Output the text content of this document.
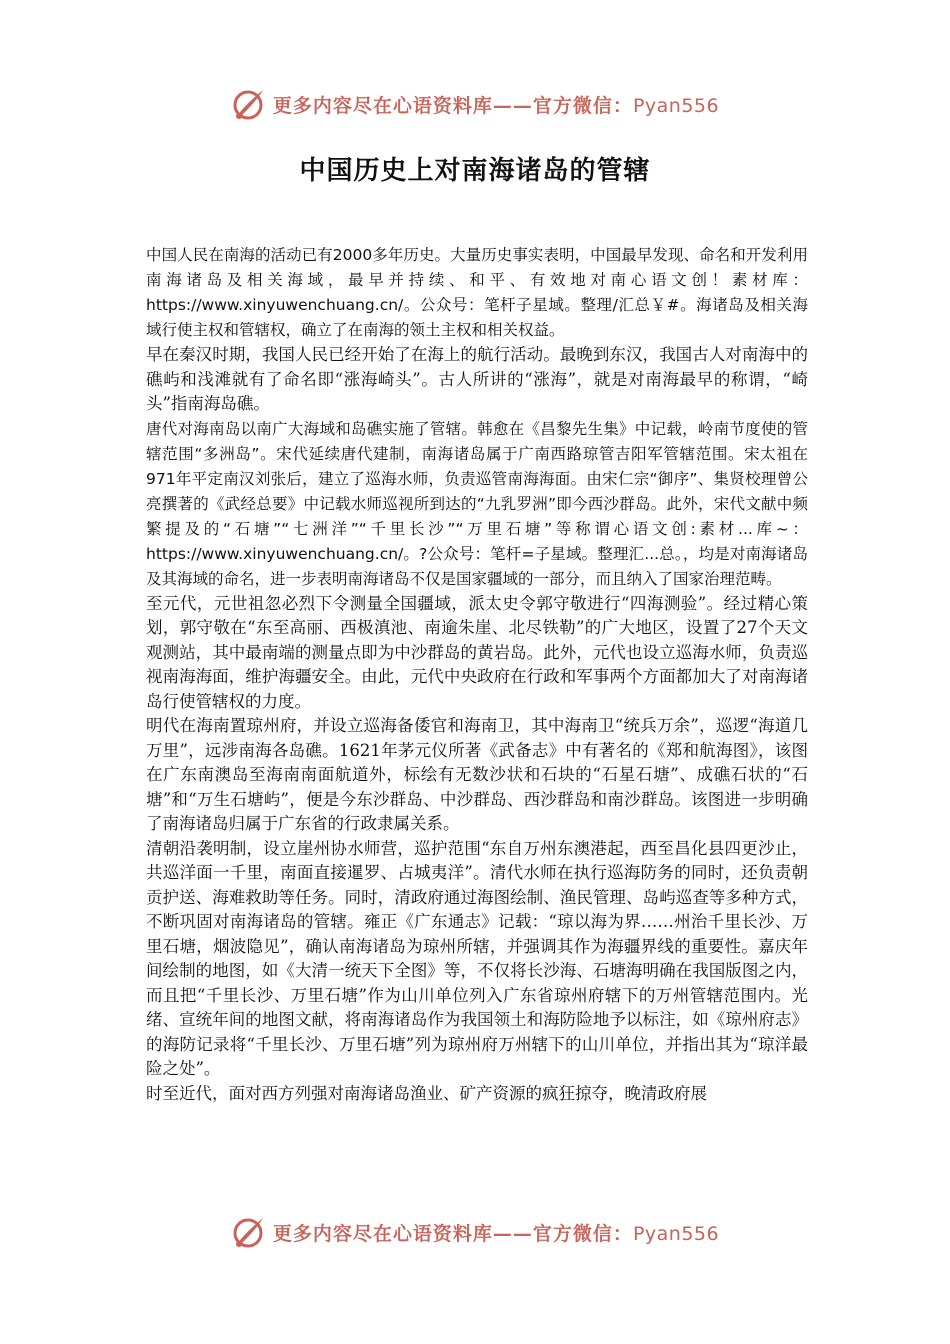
更多内容尽在心语资料库——官方微信：Pyan556
中国历史上对南海诸岛的管辖

中国人民在南海的活动已有2000多年历史。大量历史事实表明，中国最早发现、命名和开发利用南海诸岛及相关海域，最早并持续、和平、有效地对南心语文创！素材库：https://www.xinyuwenchuang.cn/。公众号：笔杆子星域。整理/汇总￥#。海诸岛及相关海域行使主权和管辖权，确立了在南海的领土主权和相关权益。

早在秦汉时期，我国人民已经开始了在海上的航行活动。最晚到东汉，我国古人对南海中的礁屿和浅滩就有了命名即“涨海崎头”。古人所讲的“涨海”，就是对南海最早的称谓，“崎头”指南海岛礁。

唐代对海南岛以南广大海域和岛礁实施了管辖。韩愈在《昌黎先生集》中记载，岭南节度使的管辖范围“多洲岛”。宋代延续唐代建制，南海诸岛属于广南西路琼管吉阳军管辖范围。宋太祖在971年平定南汉刘张后，建立了巡海水师，负责巡管南海海面。由宋仁宗“御序”、集贤校理曾公亮撰著的《武经总要》中记载水师巡视所到达的“九乳罗洲”即今西沙群岛。此外，宋代文献中频繁提及的“石塘”“七洲洋”“千里长沙”“万里石塘”等称谓心语文创:素材...库~：https://www.xinyuwenchuang.cn/。?公众号：笔杆=子星域。整理汇...总。，均是对南海诸岛及其海域的命名，进一步表明南海诸岛不仅是国家疆域的一部分，而且纳入了国家治理范畴。

至元代，元世祖忽必烈下令测量全国疆域，派太史令郭守敬进行“四海测验”。经过精心策划，郭守敬在“东至高丽、西极滇池、南逾朱崖、北尽铁勒”的广大地区，设置了27个天文观测站，其中最南端的测量点即为中沙群岛的黄岩岛。此外，元代也设立巡海水师，负责巡视南海海面，维护海疆安全。由此，元代中央政府在行政和军事两个方面都加大了对南海诸岛行使管辖权的力度。

明代在海南置琼州府，并设立巡海备倭官和海南卫，其中海南卫“统兵万余”，巡逻“海道几万里”，远涉南海各岛礁。1621年茅元仪所著《武备志》中有著名的《郑和航海图》，该图在广东南澳岛至海南南面航道外，标绘有无数沙状和石块的“石星石塘”、成礁石状的“石塘”和“万生石塘屿”，便是今东沙群岛、中沙群岛、西沙群岛和南沙群岛。该图进一步明确了南海诸岛归属于广东省的行政隶属关系。

清朝沿袭明制，设立崖州协水师营，巡护范围“东自万州东澳港起，西至昌化县四更沙止，共巡洋面一千里，南面直接暹罗、占城夷洋”。清代水师在执行巡海防务的同时，还负责朝贡护送、海难救助等任务。同时，清政府通过海图绘制、渔民管理、岛屿巡查等多种方式，不断巩固对南海诸岛的管辖。雍正《广东通志》记载：“琼以海为界……州治千里长沙、万里石塘，烟波隐见”，确认南海诸岛为琼州所辖，并强调其作为海疆界线的重要性。嘉庆年间绘制的地图，如《大清一统天下全图》等，不仅将长沙海、石塘海明确在我国版图之内，而且把“千里长沙、万里石塘”作为山川单位列入广东省琼州府辖下的万州管辖范围内。光绪、宣统年间的地图文献，将南海诸岛作为我国领土和海防险地予以标注，如《琼州府志》的海防记录将“千里长沙、万里石塘”列为琼州府万州辖下的山川单位，并指出其为“琼洋最险之处”。

时至近代，面对西方列强对南海诸岛渔业、矿产资源的疯狂掠夺，晚清政府展

更多内容尽在心语资料库——官方微信：Pyan556
